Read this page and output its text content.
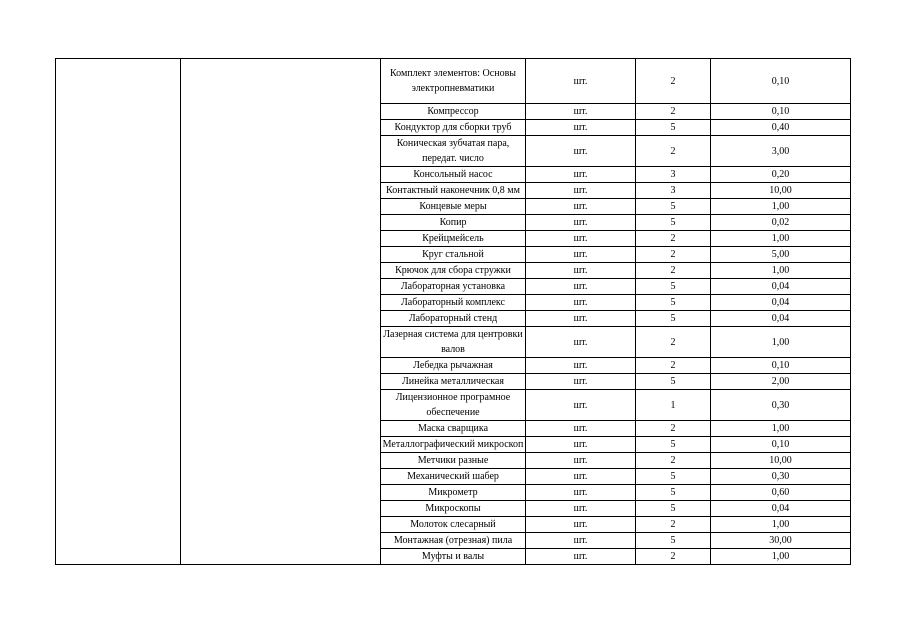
		Комплект элементов: Основы электропневматики	шт.	2	0,10
		Компрессор	шт.	2	0,10
		Кондуктор для сборки труб	шт.	5	0,40
		Коническая зубчатая пара, передат. число	шт.	2	3,00
		Консольный насос	шт.	3	0,20
		Контактный наконечник 0,8 мм	шт.	3	10,00
		Концевые меры	шт.	5	1,00
		Копир	шт.	5	0,02
		Крейцмейсель	шт.	2	1,00
		Круг стальной	шт.	2	5,00
		Крючок для сбора стружки	шт.	2	1,00
		Лабораторная установка	шт.	5	0,04
		Лабораторный комплекс	шт.	5	0,04
		Лабораторный стенд	шт.	5	0,04
		Лазерная система для центровки валов	шт.	2	1,00
		Лебедка рычажная	шт.	2	0,10
		Линейка металлическая	шт.	5	2,00
		Лицензионное програмное обеспечение	шт.	1	0,30
		Маска сварщика	шт.	2	1,00
		Металлографический микроскоп	шт.	5	0,10
		Метчики разные	шт.	2	10,00
		Механический шабер	шт.	5	0,30
		Микрометр	шт.	5	0,60
		Микроскопы	шт.	5	0,04
		Молоток слесарный	шт.	2	1,00
		Монтажная (отрезная) пила	шт.	5	30,00
		Муфты и валы	шт.	2	1,00
